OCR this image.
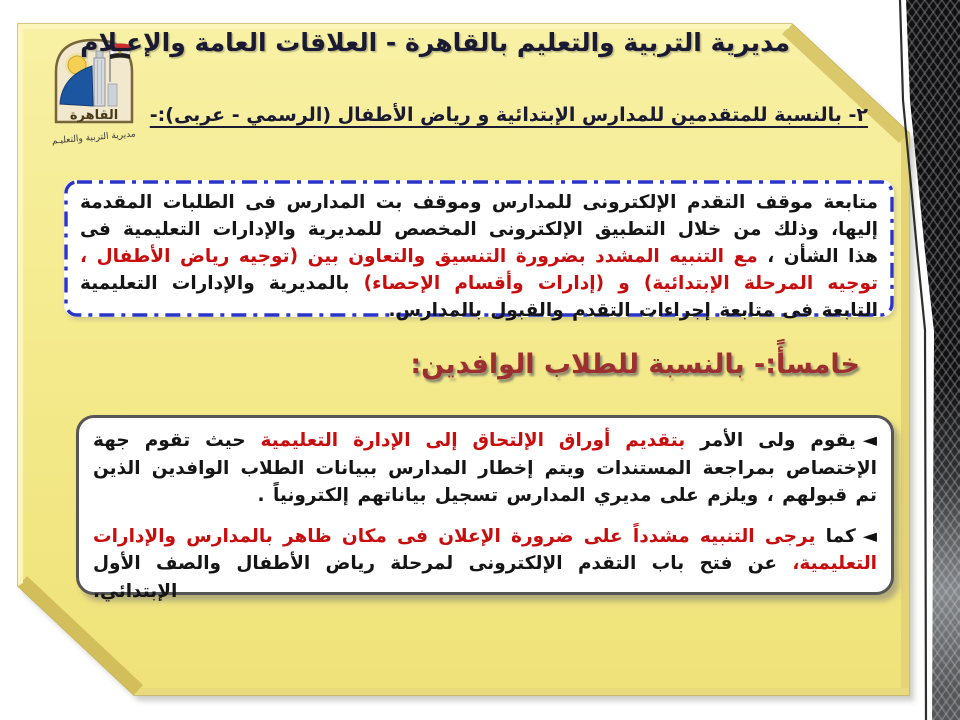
القاهرة
مديرية التربية والتعليـم
مديرية التربية والتعليم بالقاهرة - العلاقات العامة والإعـلام
٢- بالنسبة للمتقدمين للمدارس الإبتدائية و رياض الأطفال (الرسمي - عربى):-
متابعة موقف التقدم الإلكترونى للمدارس وموقف بت المدارس فى الطلبات المقدمة إليها، وذلك من خلال التطبيق الإلكترونى المخصص للمديرية والإدارات التعليمية فى هذا الشأن ، مع التنبيه المشدد بضرورة التنسيق والتعاون بين (توجيه رياض الأطفال ، توجيه المرحلة الإبتدائية) و (إدارات وأقسام الإحصاء) بالمديرية والإدارات التعليمية التابعة فى متابعة إجراءات التقدم والقبول بالمدارس.
خامسأً:- بالنسبة للطلاب الوافدين:

◄يقوم ولى الأمر بتقديم أوراق الإلتحاق إلى الإدارة التعليمية حيث تقوم جهة الإختصاص بمراجعة المستندات ويتم إخطار المدارس ببيانات الطلاب الوافدين الذين تم قبولهم ، ويلزم على مديري المدارس تسجيل بياناتهم إلكترونياً .

◄كما يرجى التنبيه مشدداً على ضرورة الإعلان فى مكان ظاهر بالمدارس والإدارات التعليمية، عن فتح باب التقدم الإلكترونى لمرحلة رياض الأطفال والصف الأول الإبتدائي.
